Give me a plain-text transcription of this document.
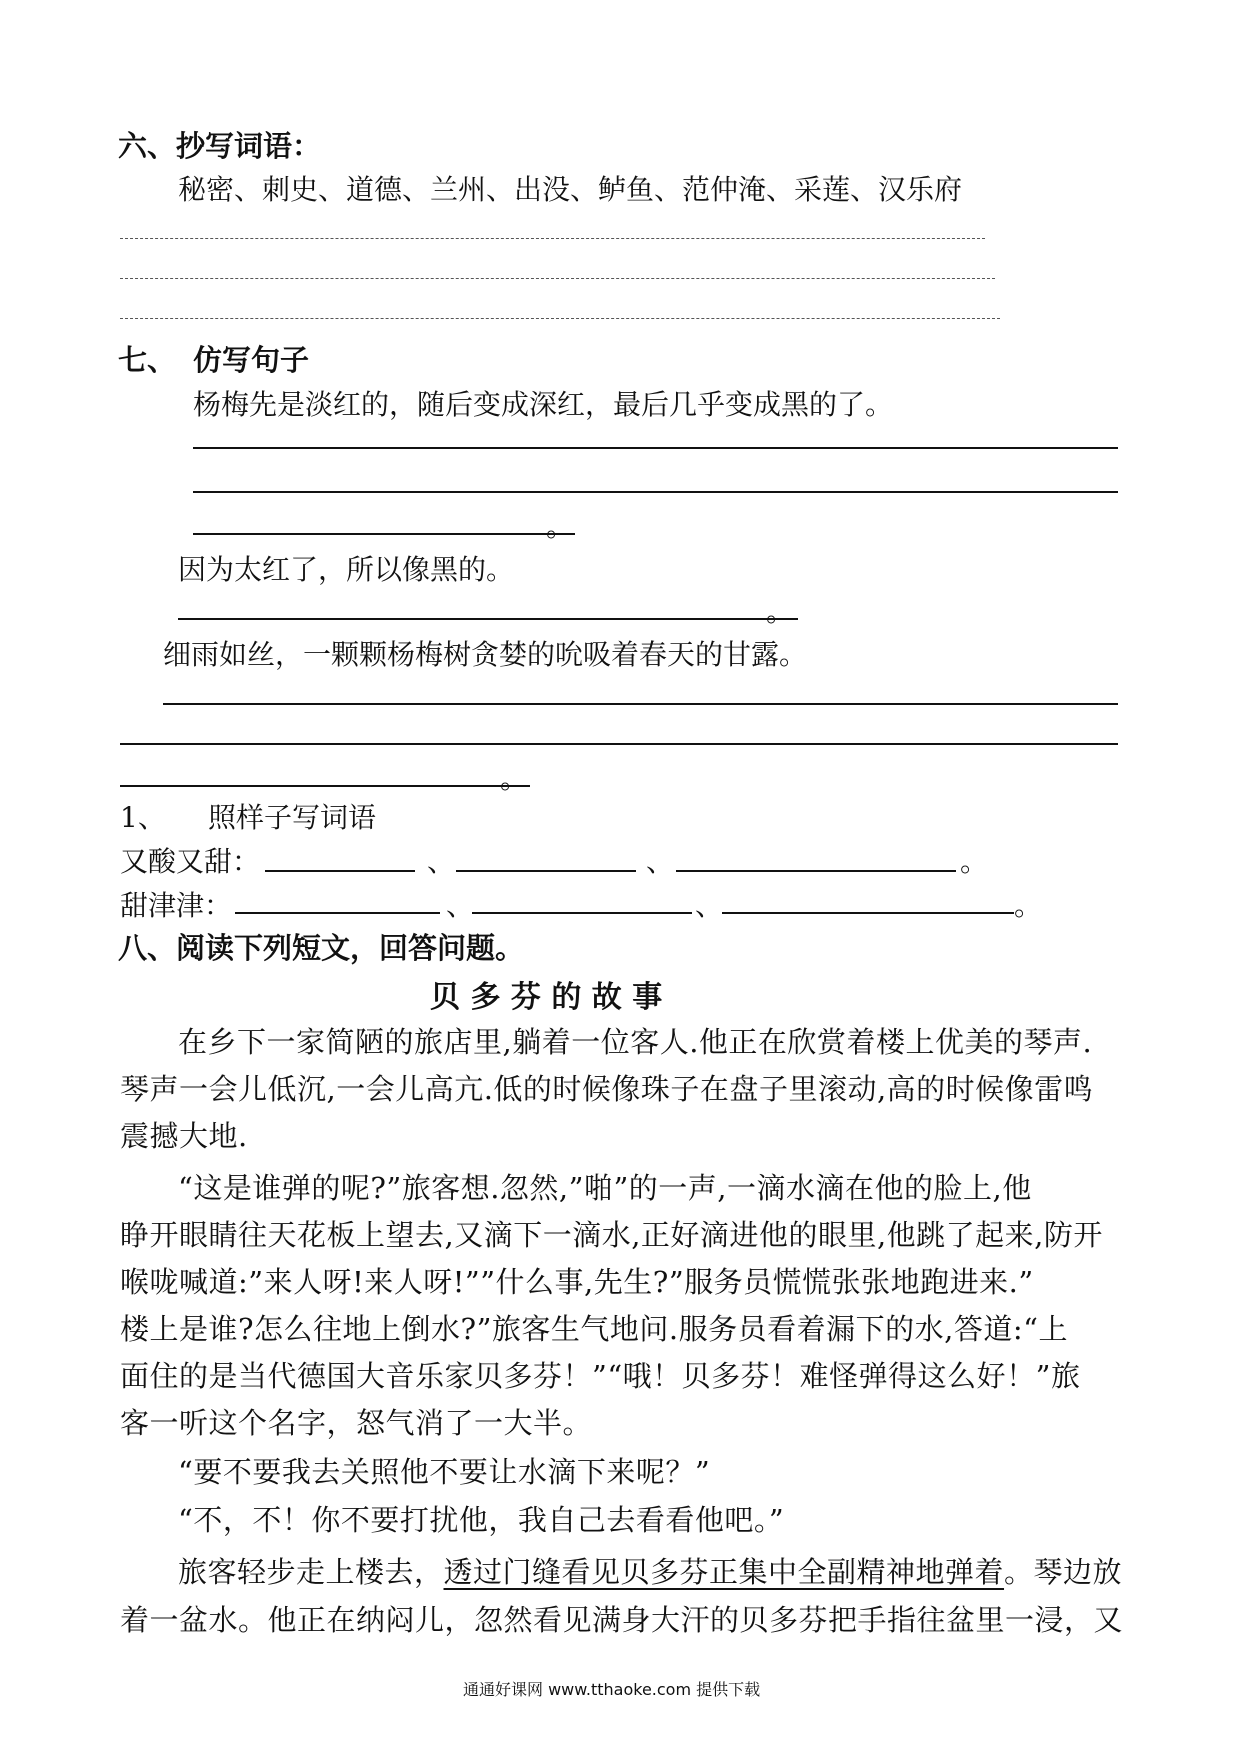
六、抄写词语：
秘密、刺史、道德、兰州、出没、鲈鱼、范仲淹、采莲、汉乐府
七、 仿写句子
杨梅先是淡红的，随后变成深红，最后几乎变成黑的了。
。
因为太红了，所以像黑的。
。
细雨如丝，一颗颗杨梅树贪婪的吮吸着春天的甘露。
。
1、 照样子写词语
又酸又甜：	、	、	。
甜津津：	、	、	。
八、阅读下列短文，回答问题。
贝 多 芬 的 故 事
在乡下一家简陋的旅店里,躺着一位客人.他正在欣赏着楼上优美的琴声.
琴声一会儿低沉,一会儿高亢.低的时候像珠子在盘子里滚动,高的时候像雷鸣
震撼大地.
“这是谁弹的呢?”旅客想.忽然,”啪”的一声,一滴水滴在他的脸上,他
睁开眼睛往天花板上望去,又滴下一滴水,正好滴进他的眼里,他跳了起来,防开
喉咙喊道:”来人呀!来人呀!””什么事,先生?”服务员慌慌张张地跑进来.”
楼上是谁?怎么往地上倒水?”旅客生气地问.服务员看着漏下的水,答道:“上
面住的是当代德国大音乐家贝多芬！”“哦！贝多芬！难怪弹得这么好！”旅
客一听这个名字，怒气消了一大半。
“要不要我去关照他不要让水滴下来呢？”
“不，不！你不要打扰他，我自己去看看他吧。”
旅客轻步走上楼去，透过门缝看见贝多芬正集中全副精神地弹着。琴边放
着一盆水。他正在纳闷儿，忽然看见满身大汗的贝多芬把手指往盆里一浸，又
通通好课网 www.tthaoke.com 提供下载
